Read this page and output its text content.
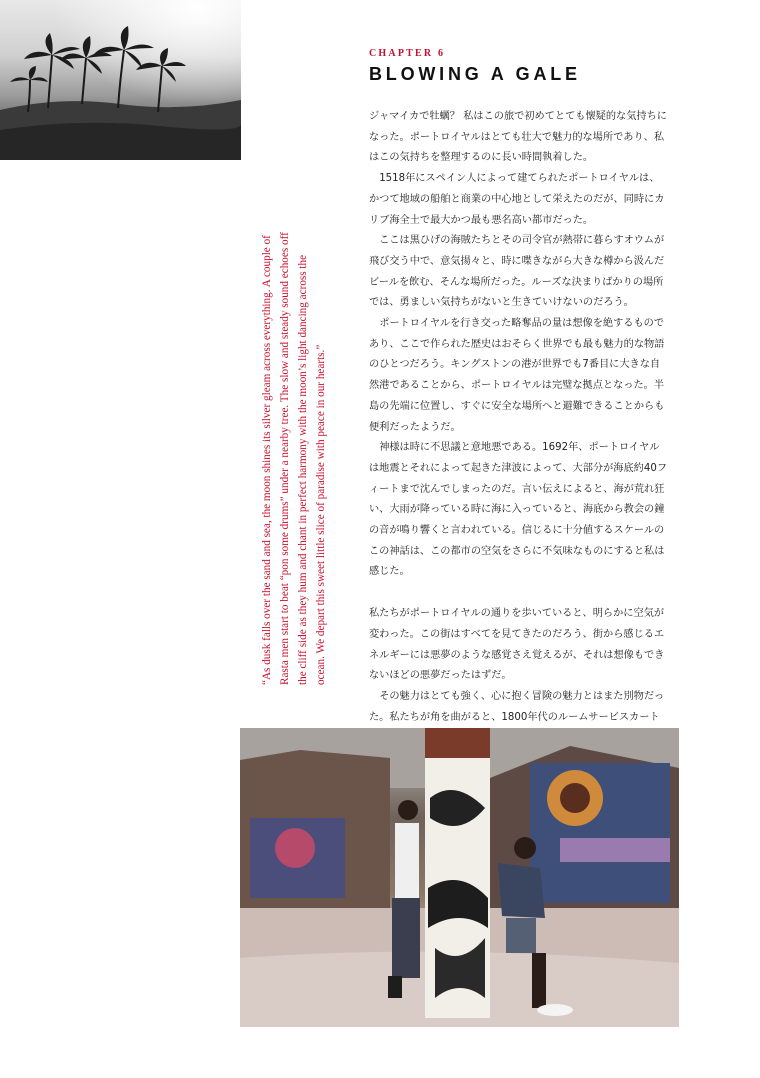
CHAPTER 6
BLOWING A GALE

ジャマイカで牡蠣？ 私はこの旅で初めてとても懐疑的な気持ちになった。ポートロイヤルはとても壮大で魅力的な場所であり、私はこの気持ちを整理するのに長い時間執着した。

1518年にスペイン人によって建てられたポートロイヤルは、かつて地域の船舶と商業の中心地として栄えたのだが、同時にカリブ海全土で最大かつ最も悪名高い都市だった。

ここは黒ひげの海賊たちとその司令官が熱帯に暮らすオウムが飛び交う中で、意気揚々と、時に喋きながら大きな樽から汲んだビールを飲む、そんな場所だった。ルーズな決まりばかりの場所では、勇ましい気持ちがないと生きていけないのだろう。

ポートロイヤルを行き交った略奪品の量は想像を絶するものであり、ここで作られた歴史はおそらく世界でも最も魅力的な物語のひとつだろう。キングストンの港が世界でも7番目に大きな自然港であることから、ポートロイヤルは完璧な拠点となった。半島の先端に位置し、すぐに安全な場所へと避難できることからも便利だったようだ。

神様は時に不思議と意地悪である。1692年、ポートロイヤルは地震とそれによって起きた津波によって、大部分が海底約40フィートまで沈んでしまったのだ。言い伝えによると、海が荒れ狂い、大雨が降っている時に海に入っていると、海底から教会の鐘の音が鳴り響くと言われている。信じるに十分値するスケールのこの神話は、この都市の空気をさらに不気味なものにすると私は感じた。

私たちがポートロイヤルの通りを歩いていると、明らかに空気が変わった。この街はすべてを見てきたのだろう、街から感じるエネルギーには悪夢のような感覚さえ覚えるが、それは想像もできないほどの悪夢だったはずだ。

その魅力はとても強く、心に抱く冒険の魅力とはまた別物だった。私たちが角を曲がると、1800年代のルームサービスカート

“As dusk falls over the sand and sea, the moon shines its silver gleam across everything. A couple of Rasta men start to beat “pon some drums” under a nearby tree. The slow and steady sound echoes off the cliff side as they hum and chant in perfect harmony with the moon’s light dancing across the ocean. We depart this sweet little slice of paradise with peace in our hearts.”
